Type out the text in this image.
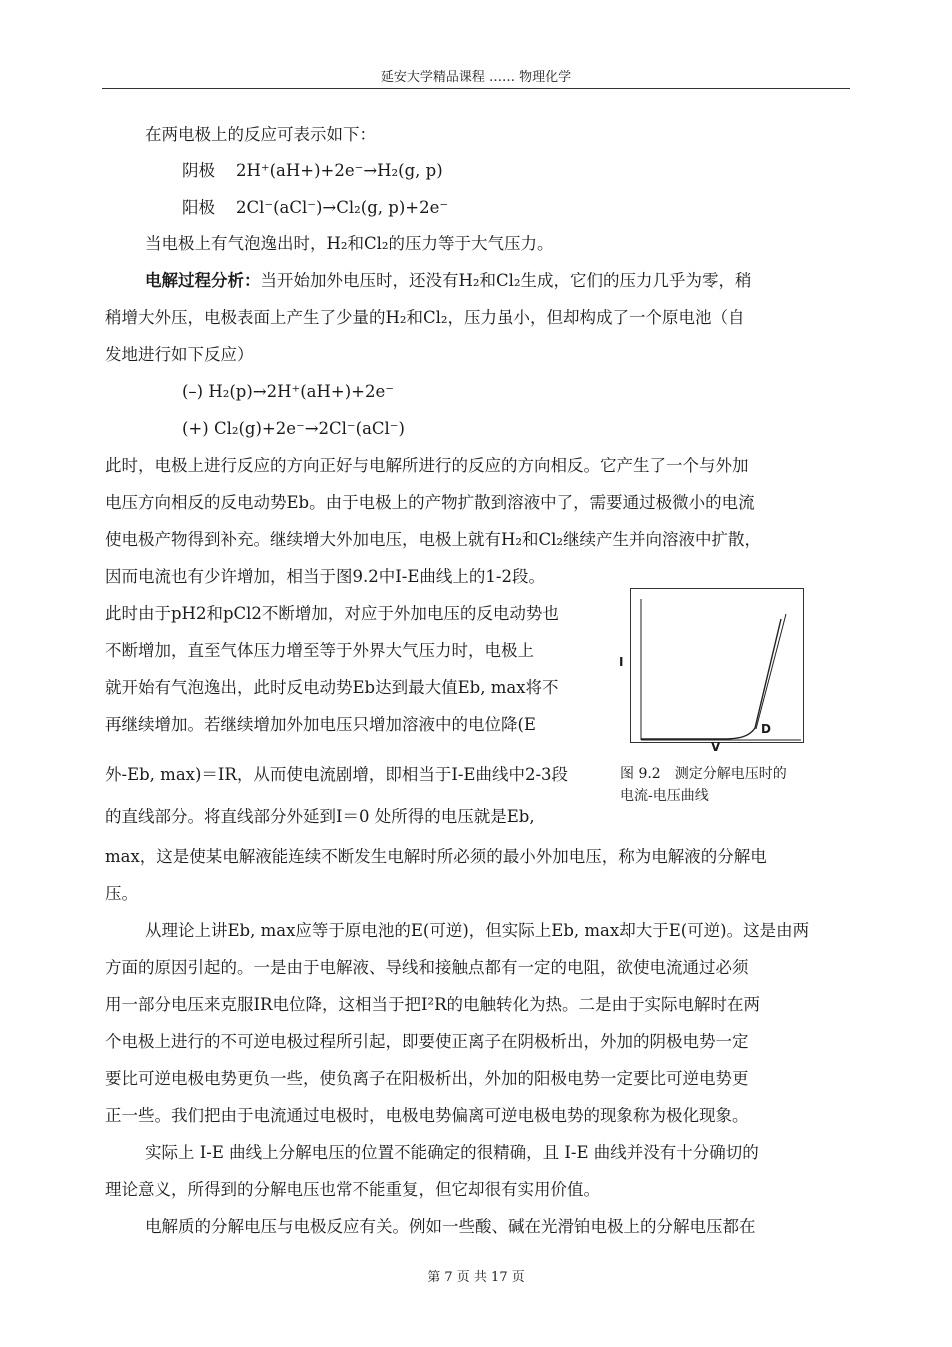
延安大学精品课程 …… 物理化学
在两电极上的反应可表示如下：
阴极 2H⁺(aH+)+2e⁻→H₂(g, p)
阳极 2Cl⁻(aCl⁻)→Cl₂(g, p)+2e⁻
当电极上有气泡逸出时，H₂和Cl₂的压力等于大气压力。
电解过程分析：当开始加外电压时，还没有H₂和Cl₂生成，它们的压力几乎为零，稍
稍增大外压，电极表面上产生了少量的H₂和Cl₂，压力虽小，但却构成了一个原电池（自
发地进行如下反应）
(–) H₂(p)→2H⁺(aH+)+2e⁻
(+) Cl₂(g)+2e⁻→2Cl⁻(aCl⁻)
此时，电极上进行反应的方向正好与电解所进行的反应的方向相反。它产生了一个与外加
电压方向相反的反电动势Eb。由于电极上的产物扩散到溶液中了，需要通过极微小的电流
使电极产物得到补充。继续增大外加电压，电极上就有H₂和Cl₂继续产生并向溶液中扩散，
因而电流也有少许增加，相当于图9.2中I-E曲线上的1-2段。
此时由于pH2和pCl2不断增加，对应于外加电压的反电动势也
不断增加，直至气体压力增至等于外界大气压力时，电极上
就开始有气泡逸出，此时反电动势Eb达到最大值Eb, max将不
再继续增加。若继续增加外加电压只增加溶液中的电位降(E
外-Eb, max)＝IR，从而使电流剧增，即相当于I-E曲线中2-3段
的直线部分。将直线部分外延到I＝0 处所得的电压就是Eb,
max，这是使某电解液能连续不断发生电解时所必须的最小外加电压，称为电解液的分解电
压。
从理论上讲Eb, max应等于原电池的E(可逆)，但实际上Eb, max却大于E(可逆)。这是由两
方面的原因引起的。一是由于电解液、导线和接触点都有一定的电阻，欲使电流通过必须
用一部分电压来克服IR电位降，这相当于把I²R的电触转化为热。二是由于实际电解时在两
个电极上进行的不可逆电极过程所引起，即要使正离子在阴极析出，外加的阴极电势一定
要比可逆电极电势更负一些，使负离子在阳极析出，外加的阳极电势一定要比可逆电势更
正一些。我们把由于电流通过电极时，电极电势偏离可逆电极电势的现象称为极化现象。
实际上 I-E 曲线上分解电压的位置不能确定的很精确，且 I-E 曲线并没有十分确切的
理论意义，所得到的分解电压也常不能重复，但它却很有实用价值。
电解质的分解电压与电极反应有关。例如一些酸、碱在光滑铂电极上的分解电压都在
I
V
D
图 9.2　测定分解电压时的
电流-电压曲线
第 7 页 共 17 页
